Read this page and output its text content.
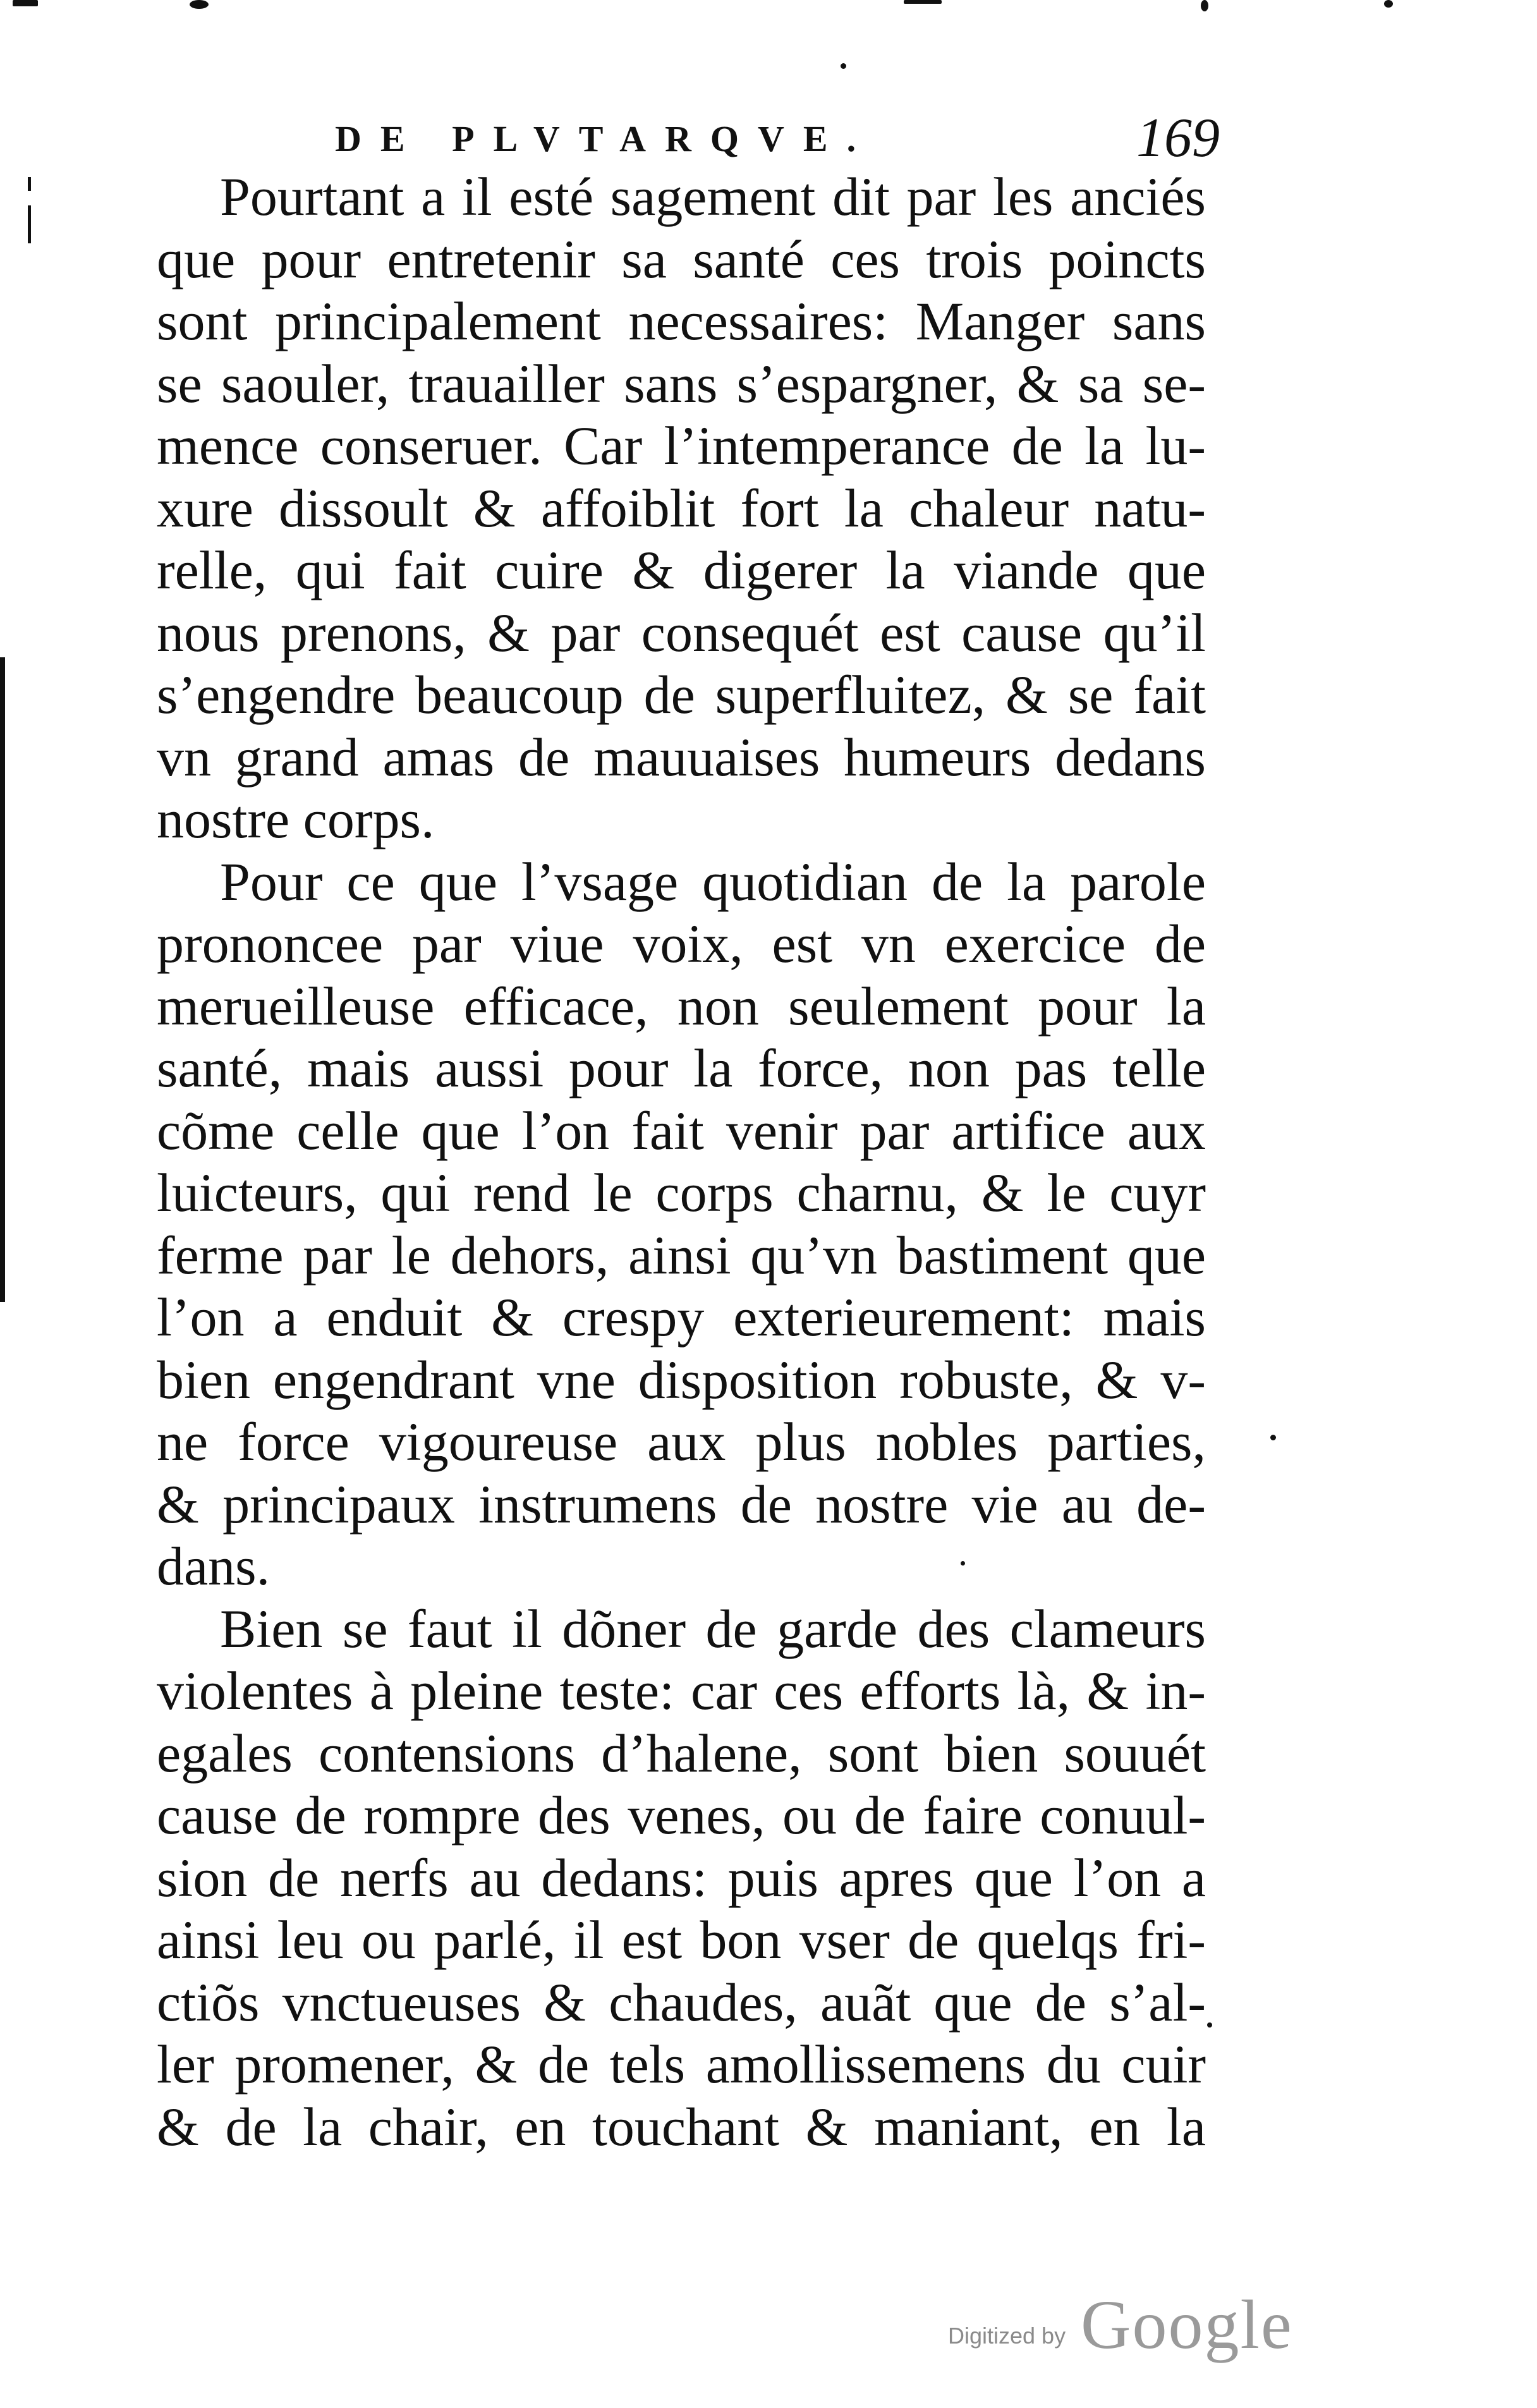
DE PLVTARQVE.	169
Pourtant a il esté sagement dit par les anciés
que pour entretenir sa santé ces trois poincts
sont principalement necessaires: Manger sans
se saouler, trauailler sans s’espargner, & sa se-
mence conseruer. Car l’intemperance de la lu-
xure dissoult & affoiblit fort la chaleur natu-
relle, qui fait cuire & digerer la viande que
nous prenons, & par consequét est cause qu’il
s’engendre beaucoup de superfluitez, & se fait
vn grand amas de mauuaises humeurs dedans
nostre corps.
Pour ce que l’vsage quotidian de la parole
prononcee par viue voix, est vn exercice de
merueilleuse efficace, non seulement pour la
santé, mais aussi pour la force, non pas telle
cõme celle que l’on fait venir par artifice aux
luicteurs, qui rend le corps charnu, & le cuyr
ferme par le dehors, ainsi qu’vn bastiment que
l’on a enduit & crespy exterieurement: mais
bien engendrant vne disposition robuste, & v-
ne force vigoureuse aux plus nobles parties,
& principaux instrumens de nostre vie au de-
dans.
Bien se faut il dõner de garde des clameurs
violentes à pleine teste: car ces efforts là, & in-
egales contensions d’halene, sont bien souuét
cause de rompre des venes, ou de faire conuul-
sion de nerfs au dedans: puis apres que l’on a
ainsi leu ou parlé, il est bon vser de quelqs fri-
ctiõs vnctueuses & chaudes, auãt que de s’al-
ler promener, & de tels amollissemens du cuir
& de la chair, en touchant & maniant, en la
Digitized by Google
